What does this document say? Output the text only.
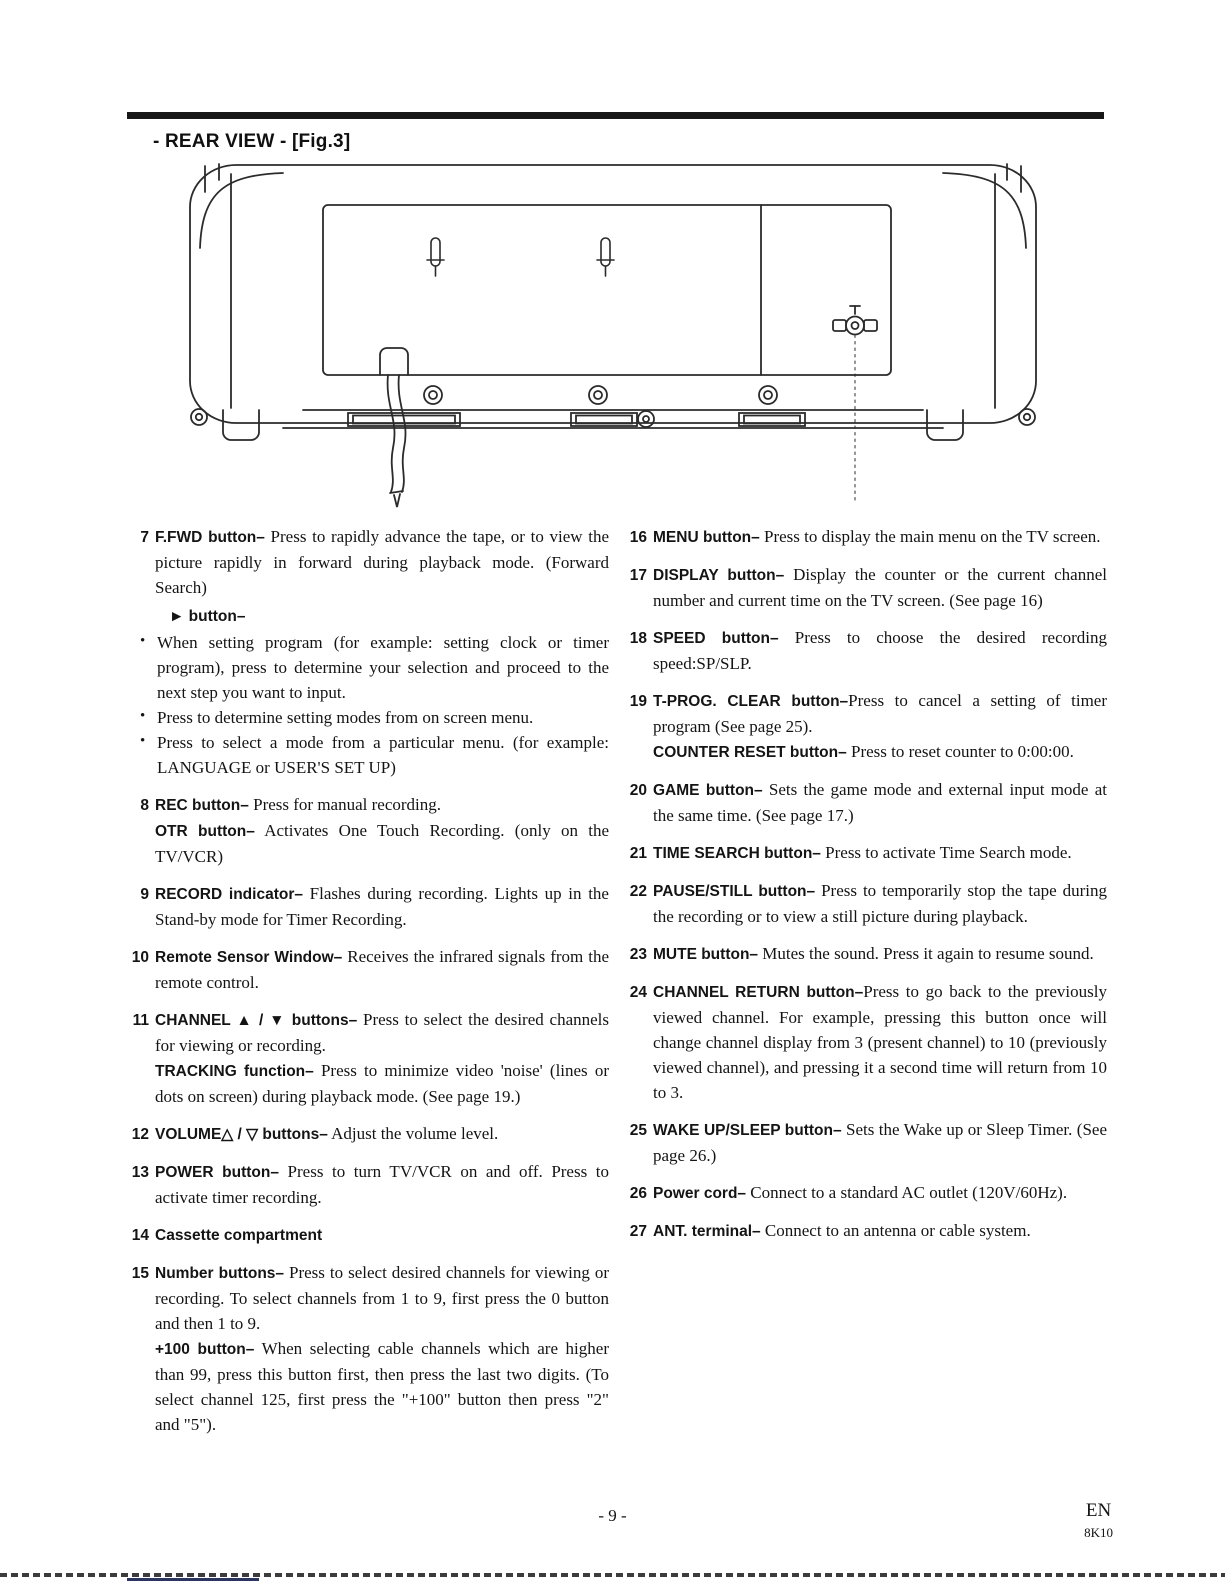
- REAR VIEW - [Fig.3]
7 F.FWD button– Press to rapidly advance the tape, or to view the picture rapidly in forward during playback mode. (Forward Search)

► button–

• When setting program (for example: setting clock or timer program), press to determine your selection and proceed to the next step you want to input.

• Press to determine setting modes from on screen menu.

• Press to select a mode from a particular menu. (for example: LANGUAGE or USER'S SET UP)

8 REC button– Press for manual recording.

OTR button– Activates One Touch Recording. (only on the TV/VCR)

9 RECORD indicator– Flashes during recording. Lights up in the Stand-by mode for Timer Recording.

10 Remote Sensor Window– Receives the infrared signals from the remote control.

11 CHANNEL ▲ / ▼ buttons– Press to select the desired channels for viewing or recording.

TRACKING function– Press to minimize video 'noise' (lines or dots on screen) during playback mode. (See page 19.)

12 VOLUME△ / ▽ buttons– Adjust the volume level.

13 POWER button– Press to turn TV/VCR on and off. Press to activate timer recording.

14 Cassette compartment

15 Number buttons– Press to select desired channels for viewing or recording. To select channels from 1 to 9, first press the 0 button and then 1 to 9.

+100 button– When selecting cable channels which are higher than 99, press this button first, then press the last two digits. (To select channel 125, first press the "+100" button then press "2" and "5").

16 MENU button– Press to display the main menu on the TV screen.

17 DISPLAY button– Display the counter or the current channel number and current time on the TV screen. (See page 16)

18 SPEED button– Press to choose the desired recording speed:SP/SLP.

19 T-PROG. CLEAR button–Press to cancel a setting of timer program (See page 25).

COUNTER RESET button– Press to reset counter to 0:00:00.

20 GAME button– Sets the game mode and external input mode at the same time. (See page 17.)

21 TIME SEARCH button– Press to activate Time Search mode.

22 PAUSE/STILL button– Press to temporarily stop the tape during the recording or to view a still picture during playback.

23 MUTE button– Mutes the sound. Press it again to resume sound.

24 CHANNEL RETURN button–Press to go back to the previously viewed channel. For example, pressing this button once will change channel display from 3 (present channel) to 10 (previously viewed channel), and pressing it a second time will return from 10 to 3.

25 WAKE UP/SLEEP button– Sets the Wake up or Sleep Timer. (See page 26.)

26 Power cord– Connect to a standard AC outlet (120V/60Hz).

27 ANT. terminal– Connect to an antenna or cable system.

- 9 -	EN
8K10
